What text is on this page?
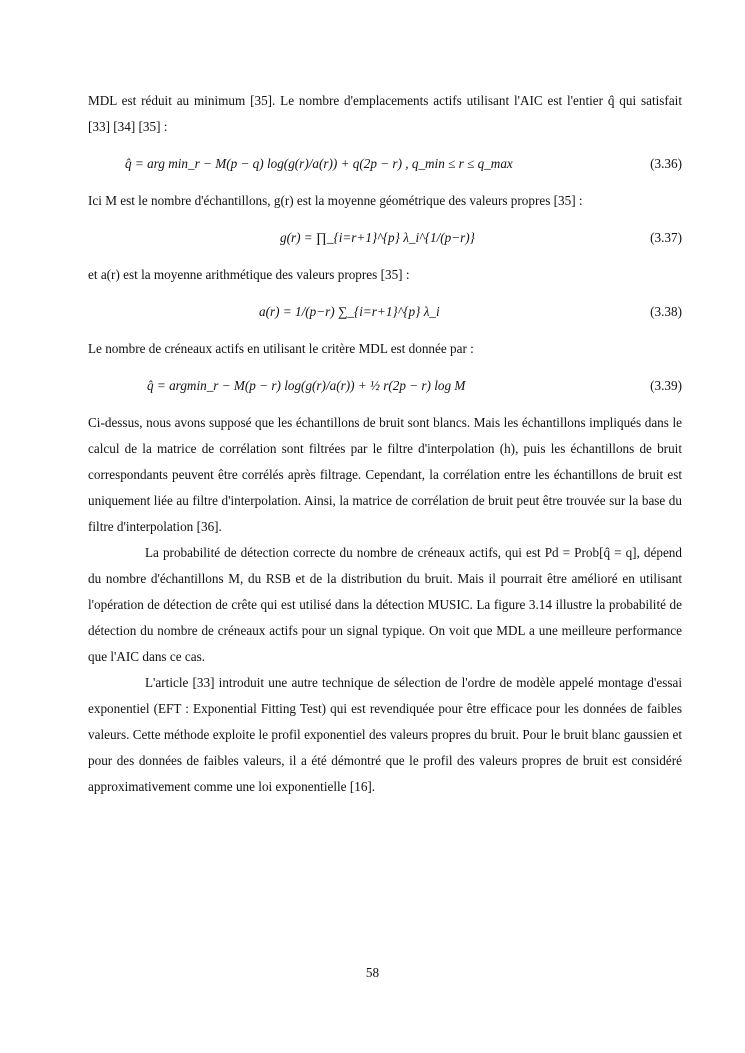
MDL est réduit au minimum [35]. Le nombre d'emplacements actifs utilisant l'AIC est l'entier q̂ qui satisfait [33] [34] [35] :

q̂ = arg min_r − M(p − q) log(g(r)/a(r)) + q(2p − r) , q_min ≤ r ≤ q_max	(3.36)

Ici M est le nombre d'échantillons, g(r) est la moyenne géométrique des valeurs propres [35] :

g(r) = ∏_{i=r+1}^{p} λ_i^{1/(p−r)}	(3.37)

et a(r) est la moyenne arithmétique des valeurs propres [35] :

a(r) = 1/(p−r) ∑_{i=r+1}^{p} λ_i	(3.38)

Le nombre de créneaux actifs en utilisant le critère MDL est donnée par :

q̂ = argmin_r − M(p − r) log(g(r)/a(r)) + ½ r(2p − r) log M	(3.39)

Ci-dessus, nous avons supposé que les échantillons de bruit sont blancs. Mais les échantillons impliqués dans le calcul de la matrice de corrélation sont filtrées par le filtre d'interpolation (h), puis les échantillons de bruit correspondants peuvent être corrélés après filtrage. Cependant, la corrélation entre les échantillons de bruit est uniquement liée au filtre d'interpolation. Ainsi, la matrice de corrélation de bruit peut être trouvée sur la base du filtre d'interpolation [36].

La probabilité de détection correcte du nombre de créneaux actifs, qui est Pd = Prob[q̂ = q], dépend du nombre d'échantillons M, du RSB et de la distribution du bruit. Mais il pourrait être amélioré en utilisant l'opération de détection de crête qui est utilisé dans la détection MUSIC. La figure 3.14 illustre la probabilité de détection du nombre de créneaux actifs pour un signal typique. On voit que MDL a une meilleure performance que l'AIC dans ce cas.

L'article [33] introduit une autre technique de sélection de l'ordre de modèle appelé montage d'essai exponentiel (EFT : Exponential Fitting Test) qui est revendiquée pour être efficace pour les données de faibles valeurs. Cette méthode exploite le profil exponentiel des valeurs propres du bruit. Pour le bruit blanc gaussien et pour des données de faibles valeurs, il a été démontré que le profil des valeurs propres de bruit est considéré approximativement comme une loi exponentielle [16].

58
